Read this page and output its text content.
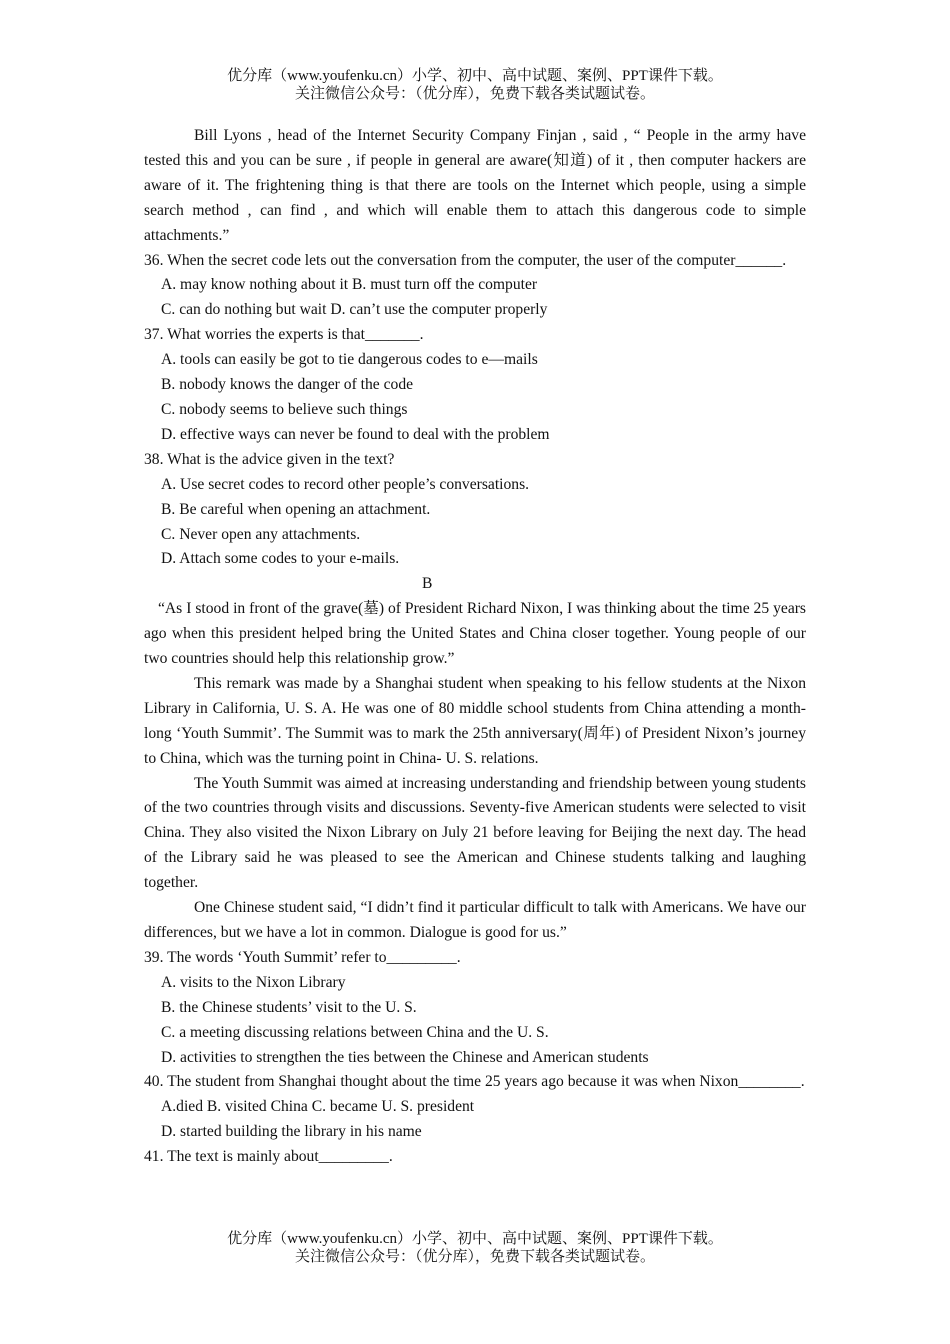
优分库（www.youfenku.cn）小学、初中、高中试题、案例、PPT课件下载。
关注微信公众号：（优分库），免费下载各类试题试卷。

Bill Lyons , head of the Internet Security Company Finjan , said , “ People in the army have tested this and you can be sure , if people in general are aware(知道) of it , then computer hackers are aware of it. The frightening thing is that there are tools on the Internet which people, using a simple search method , can find , and which will enable them to attach this dangerous code to simple attachments.”

36. When the secret code lets out the conversation from the computer, the user of the computer______.

A. may know nothing about it B. must turn off the computer

C. can do nothing but wait D. can’t use the computer properly

37. What worries the experts is that_______.

A. tools can easily be got to tie dangerous codes to e—mails

B. nobody knows the danger of the code

C. nobody seems to believe such things

D. effective ways can never be found to deal with the problem

38. What is the advice given in the text?

A. Use secret codes to record other people’s conversations.

B. Be careful when opening an attachment.

C. Never open any attachments.

D. Attach some codes to your e-mails.

B

“As I stood in front of the grave(墓) of President Richard Nixon, I was thinking about the time 25 years ago when this president helped bring the United States and China closer together. Young people of our two countries should help this relationship grow.”

This remark was made by a Shanghai student when speaking to his fellow students at the Nixon Library in California, U. S. A. He was one of 80 middle school students from China attending a month-long ‘Youth Summit’. The Summit was to mark the 25th anniversary(周年) of President Nixon’s journey to China, which was the turning point in China- U. S. relations.

The Youth Summit was aimed at increasing understanding and friendship between young students of the two countries through visits and discussions. Seventy-five American students were selected to visit China. They also visited the Nixon Library on July 21 before leaving for Beijing the next day. The head of the Library said he was pleased to see the American and Chinese students talking and laughing together.

One Chinese student said, “I didn’t find it particular difficult to talk with Americans. We have our differences, but we have a lot in common. Dialogue is good for us.”

39. The words ‘Youth Summit’ refer to_________.

A. visits to the Nixon Library

B. the Chinese students’ visit to the U. S.

C. a meeting discussing relations between China and the U. S.

D. activities to strengthen the ties between the Chinese and American students

40. The student from Shanghai thought about the time 25 years ago because it was when Nixon________.

A.died B. visited China C. became U. S. president

D. started building the library in his name

41. The text is mainly about_________.

优分库（www.youfenku.cn）小学、初中、高中试题、案例、PPT课件下载。
关注微信公众号：（优分库），免费下载各类试题试卷。
